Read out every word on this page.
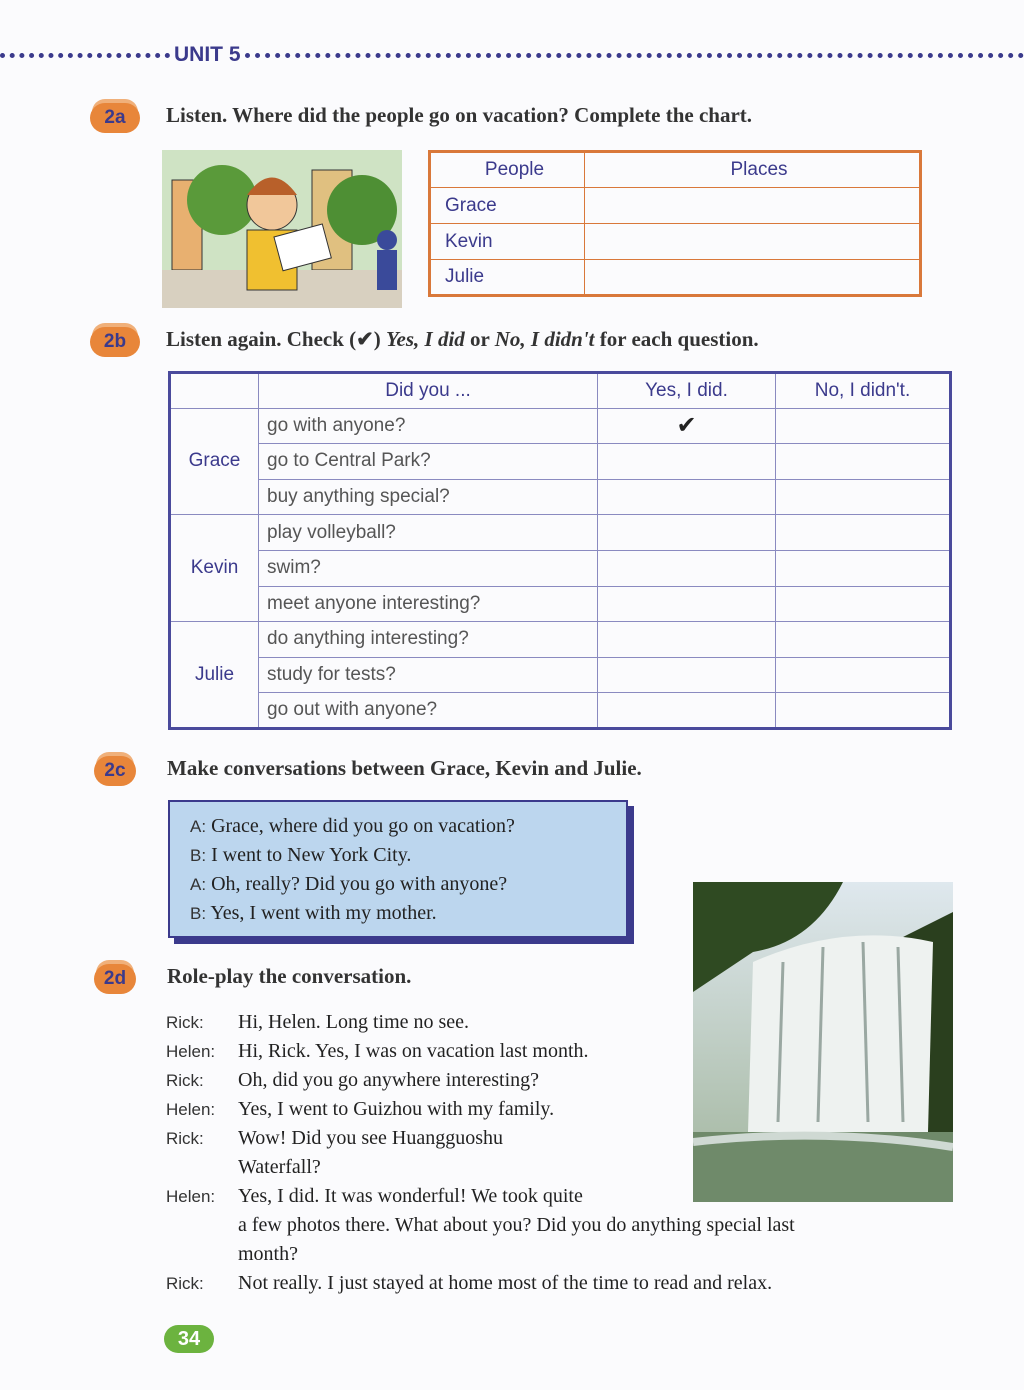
UNIT 5
2a	Listen. Where did the people go on vacation? Complete the chart.
People	Places
Grace	
Kevin	
Julie	
2b	Listen again. Check (✔) Yes, I did or No, I didn't for each question.
	Did you ...	Yes, I did.	No, I didn't.
Grace	go with anyone?	✔	
	go to Central Park?		
	buy anything special?		
Kevin	play volleyball?		
	swim?		
	meet anyone interesting?		
Julie	do anything interesting?		
	study for tests?		
	go out with anyone?		
2c	Make conversations between Grace, Kevin and Julie.
A: Grace, where did you go on vacation?
B: I went to New York City.
A: Oh, really? Did you go with anyone?
B: Yes, I went with my mother.
2d	Role-play the conversation.
Rick:	Hi, Helen. Long time no see.
Helen:	Hi, Rick. Yes, I was on vacation last month.
Rick:	Oh, did you go anywhere interesting?
Helen:	Yes, I went to Guizhou with my family.
Rick:	Wow! Did you see Huangguoshu
Waterfall?
Helen:	Yes, I did. It was wonderful! We took quite
a few photos there. What about you? Did you do anything special last
month?
Rick:	Not really. I just stayed at home most of the time to read and relax.
34
